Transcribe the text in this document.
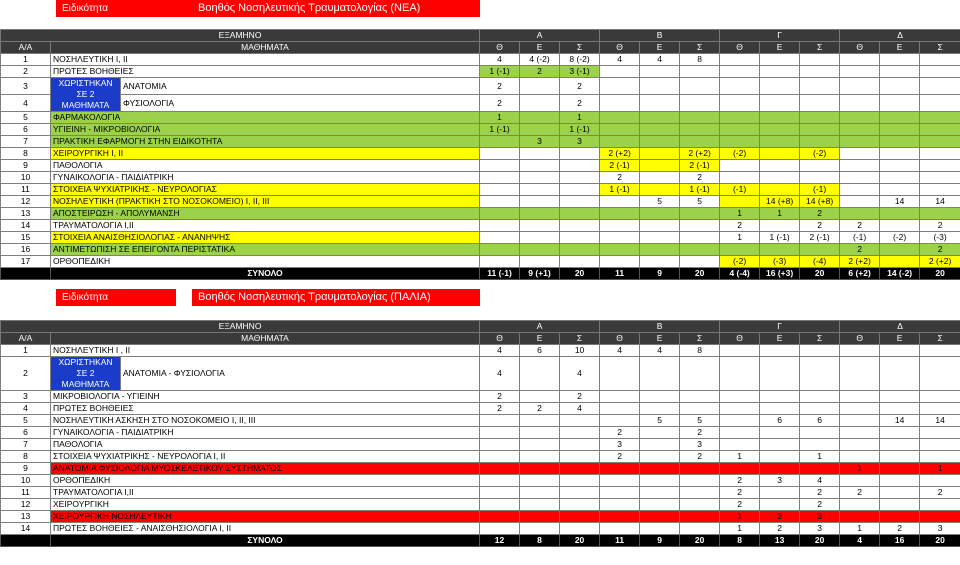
Ειδικότητα	Βοηθός Νοσηλευτικής Τραυματολογίας (ΝΕΑ)
ΕΞΑΜΗΝΟ			Α			Β			Γ			Δ		
Α/Α	ΜΑΘΗΜΑΤΑ		Θ	Ε	Σ	Θ	Ε	Σ	Θ	Ε	Σ	Θ	Ε	Σ
1	ΝΟΣΗΛΕΥΤΙΚΗ Ι, ΙΙ		4	4 (-2)	8 (-2)	4	4	8						
2	ΠΡΩΤΕΣ ΒΟΗΘΕΙΕΣ		1 (-1)	2	3 (-1)									
3	ΧΩΡΙΣΤΗΚΑΝ ΣΕ 2 ΜΑΘΗΜΑΤΑ	ΑΝΑΤΟΜΙΑ	2		2									
4		ΦΥΣΙΟΛΟΓΙΑ	2		2									
5	ΦΑΡΜΑΚΟΛΟΓΙΑ		1		1									
6	ΥΓΙΕΙΝΗ - ΜΙΚΡΟΒΙΟΛΟΓΙΑ		1 (-1)		1 (-1)									
7	ΠΡΑΚΤΙΚΗ ΕΦΑΡΜΟΓΗ ΣΤΗΝ ΕΙΔΙΚΟΤΗΤΑ			3	3									
8	ΧΕΙΡΟΥΡΓΙΚΗ Ι, ΙΙ					2 (+2)		2 (+2)	(-2)		(-2)			
9	ΠΑΘΟΛΟΓΙΑ					2 (-1)		2 (-1)						
10	ΓΥΝΑΙΚΟΛΟΓΙΑ - ΠΑΙΔΙΑΤΡΙΚΗ					2		2						
11	ΣΤΟΙΧΕΙΑ ΨΥΧΙΑΤΡΙΚΗΣ - ΝΕΥΡΟΛΟΓΙΑΣ					1 (-1)		1 (-1)	(-1)		(-1)			
12	ΝΟΣΗΛΕΥΤΙΚΗ (ΠΡΑΚΤΙΚΗ ΣΤΟ ΝΟΣΟΚΟΜΕΙΟ) Ι, ΙΙ, ΙΙΙ						5	5		14 (+8)	14 (+8)		14	14
13	ΑΠΟΣΤΕΙΡΩΣΗ - ΑΠΟΛΥΜΑΝΣΗ								1	1	2			
14	ΤΡΑΥΜΑΤΟΛΟΓΙΑ Ι,ΙΙ								2		2	2		2
15	ΣΤΟΙΧΕΙΑ ΑΝΑΙΣΘΗΣΙΟΛΟΓΙΑΣ - ΑΝΑΝΗΨΗΣ								1	1 (-1)	2 (-1)	(-1)	(-2)	(-3)
16	ΑΝΤΙΜΕΤΩΠΙΣΗ ΣΕ ΕΠΕΙΓΟΝΤΑ ΠΕΡΙΣΤΑΤΙΚΑ											2		2
17	ΟΡΘΟΠΕΔΙΚΗ								(-2)	(-3)	(-4)	2 (+2)		2 (+2)
	ΣΥΝΟΛΟ		11 (-1)	9 (+1)	20	11	9	20	4 (-4)	16 (+3)	20	6 (+2)	14 (-2)	20
Ειδικότητα	Βοηθός Νοσηλευτικής Τραυματολογίας (ΠΑΛΙΑ)
ΕΞΑΜΗΝΟ			Α			Β			Γ			Δ		
Α/Α	ΜΑΘΗΜΑΤΑ		Θ	Ε	Σ	Θ	Ε	Σ	Θ	Ε	Σ	Θ	Ε	Σ
1	ΝΟΣΗΛΕΥΤΙΚΗ Ι , ΙΙ		4	6	10	4	4	8						
2	ΧΩΡΙΣΤΗΚΑΝ ΣΕ 2 ΜΑΘΗΜΑΤΑ	ΑΝΑΤΟΜΙΑ - ΦΥΣΙΟΛΟΓΙΑ	4		4									
3	ΜΙΚΡΟΒΙΟΛΟΓΙΑ - ΥΓΙΕΙΝΗ		2		2									
4	ΠΡΩΤΕΣ ΒΟΗΘΕΙΕΣ		2	2	4									
5	ΝΟΣΗΛΕΥΤΙΚΗ ΑΣΚΗΣΗ ΣΤΟ ΝΟΣΟΚΟΜΕΙΟ Ι, ΙΙ, ΙΙΙ						5	5		6	6		14	14
6	ΓΥΝΑΙΚΟΛΟΓΙΑ - ΠΑΙΔΙΑΤΡΙΚΗ					2		2						
7	ΠΑΘΟΛΟΓΙΑ					3		3						
8	ΣΤΟΙΧΕΙΑ ΨΥΧΙΑΤΡΙΚΗΣ - ΝΕΥΡΟΛΟΓΙΑ Ι, ΙΙ					2		2	1		1			
9	ΑΝΑΤΟΜΙΑ ΦΥΣΙΟΛΟΓΙΑ ΜΥΟΣΚΕΛΕΤΙΚΟΥ ΣΥΣΤΗΜΑΤΟΣ											1		1
10	ΟΡΘΟΠΕΔΙΚΗ								2	3	4			
11	ΤΡΑΥΜΑΤΟΛΟΓΙΑ Ι,ΙΙ								2		2	2		2
12	ΧΕΙΡΟΥΡΓΙΚΗ								2		2			
13	ΧΕΙΡΟΥΡΓΙΚΗ ΝΟΣΗΛΕΥΤΙΚΗ								1	2	3			
14	ΠΡΩΤΕΣ ΒΟΗΘΕΙΕΣ - ΑΝΑΙΣΘΗΣΙΟΛΟΓΙΑ Ι, ΙΙ								1	2	3	1	2	3
	ΣΥΝΟΛΟ		12	8	20	11	9	20	8	13	20	4	16	20
